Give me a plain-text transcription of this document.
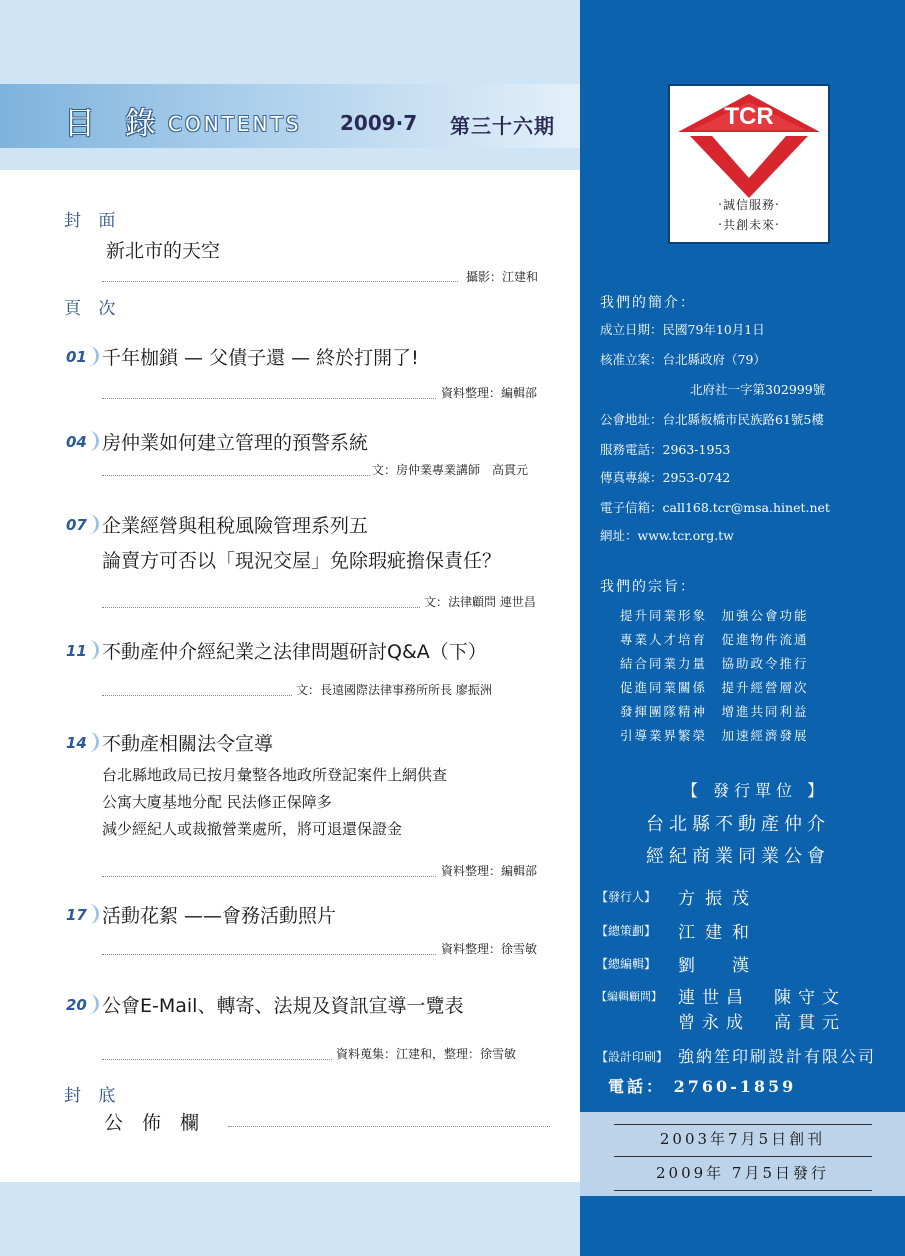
目 錄 CONTENTS 2009·7 第三十六期
封 面
新北市的天空
攝影：江建和
頁 次
01 千年枷鎖 — 父債子還 — 終於打開了!
資料整理：編輯部
04 房仲業如何建立管理的預警系統
文：房仲業專業講師　高貫元
07 企業經營與租稅風險管理系列五
論賣方可否以「現況交屋」免除瑕疵擔保責任？
文：法律顧問 連世昌
11 不動產仲介經紀業之法律問題研討Q&A（下）
文：長遠國際法律事務所所長 廖振洲
14 不動產相關法令宣導
台北縣地政局已按月彙整各地政所登記案件上網供查
公寓大廈基地分配 民法修正保障多
減少經紀人或裁撤營業處所，將可退還保證金
資料整理：編輯部
17 活動花絮 ——會務活動照片
資料整理：徐雪敏
20 公會E-Mail、轉寄、法規及資訊宣導一覽表
資料蒐集：江建和，整理：徐雪敏
封 底
公　佈　欄
TCR
‧誠信服務‧
‧共創未來‧
我們的簡介：
成立日期：民國79年10月1日
核准立案：台北縣政府（79）
北府社一字第302999號
公會地址：台北縣板橋市民族路61號5樓
服務電話：2963-1953
傳真專線：2953-0742
電子信箱：call168.tcr@msa.hinet.net
網址：www.tcr.org.tw
我們的宗旨：
提升同業形象　加強公會功能
專業人才培育　促進物件流通
結合同業力量　協助政令推行
促進同業關係　提升經營層次
發揮團隊精神　增進共同利益
引導業界繁榮　加速經濟發展
【 發行單位 】
台北縣不動產仲介
經紀商業同業公會
【發行人】 方振茂
【總策劃】 江建和
【總編輯】 劉　漢
【編輯顧問】 連世昌　陳守文
曾永成　高貫元
【設計印刷】 強納笙印刷設計有限公司
電話： 2760-1859
2003年7月5日創刊
2009年 7月5日發行
